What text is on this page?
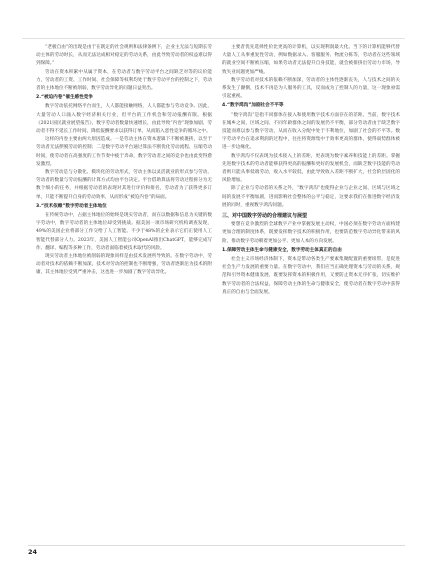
“老板自由”的出现是由于在既定的社会规则和法律条例下，企业主无法与短期长劳动主体的劳动时长，从而无法达成相对稳定的劳动关系，由此导致劳动者的权益难以得到保障。”

劳动在资本积累中从属于资本，在劳动者与数字劳动平台之间缺乏对等的议价能力，劳动者的工资、工作时间、社会保障等权利均处于数字劳动平台的控制之下，劳动者的主体地位不断被削弱，数字劳动异化的问题日益突出。

2.“被迫内卷”催生感性竞争

数字劳动依托网络平台而生，人人都能接触网络，人人都能参与劳动竞争。因此，大量劳动人口涌入数字经济相关行业，但平台的工作机会和劳动报酬有限。根据《2021国民就业展望报告》，数字劳动者数量快速增长，由此导致“内卷”现象加剧，劳动者不得不延长工作时间、降低报酬要求以获得订单，从而陷入恶性竞争的循环之中。

这样的内卷主要由两大原因造成。一是劳动主体在资本逻辑下不断被裹挟，以至于劳动者无法摆脱劳动的控制；二是数字劳动平台通过算法不断优化劳动流程、压缩劳动时间，使劳动者在高强度的工作节奏中疲于奔命，数字劳动者之间的竞争也由此变得愈发激烈。

数字劳动是与分散化、模块化的劳动形式，劳动主体以灵活就业的形式参与劳动，劳动者的数量与劳动报酬的计算方式均由平台决定。平台借助算法将劳动过程拆分为无数个细小的任务，并根据劳动者的表现对其进行评价和排名，劳动者为了获得更多订单，只能不断提升自身的劳动效率，从而形成“被迫内卷”的局面。

3.“技术依赖”数字劳动者主体地位

在传统劳动中，占据主体地位的始终是现实劳动者，而在以数据和信息为关键的数字劳动中，数字劳动者的主体地位却受到挑战。据美国一项市场研究机构调查发现，49%的美国企业将部分工作交给了人工智能。不少于48%的企业表示它们正使用人工智能代替部分人力。2023年，美国人工智能公司OpenAI推出ChatGPT，能够完成写作、翻译、编程等多种工作，劳动者面临着被技术取代的风险。

现实劳动者主体地位被削弱的现象同样是由技术发展所导致的。在数字劳动中，劳动者对技术的依赖不断加深，技术对劳动的控制也不断增强，劳动者逐渐沦为技术的附庸，其主体地位受到严重冲击，这也进一步加剧了数字劳动异化。

主要者优先选择性价比更高的计算机，以实现利润最大化。当下的计算机能够代替大量人工从事重复性劳动，例如数据录入、客服服务、物流分拣等，劳动者在这些领域的就业空间不断被压缩，如果劳动者无法提升自身技能，就会被排挤出劳动力市场，导致失业问题更加严峻。

数字劳动者对技术的依赖不断加深，劳动者的主体性逐渐丧失，人与技术之间的关系发生了颠倒，技术不再是为人服务的工具，反而成为了控制人的力量，这一现象亟需引起重视。

4.“数字鸿沟”加剧社会不平等

“数字鸿沟”是指不同群体在接入和使用数字技术方面存在的差距。当前，数字技术在城乡之间、区域之间、不同年龄群体之间的发展仍不平衡，部分劳动者由于缺乏数字技能而难以参与数字劳动，从而在收入分配中处于不利地位，加剧了社会的不平等。数字劳动平台在追求利润的过程中，往往将资源集中于效率更高的群体，使得弱势群体被进一步边缘化。

数字鸿沟不仅表现为技术接入上的差距，更表现为数字素养和技能上的差距。掌握先进数字技术的劳动者能够获得更高的报酬和更好的发展机会，而缺乏数字技能的劳动者则只能从事低端劳动，收入水平较低，由此导致收入差距不断扩大，社会阶层固化的风险增加。

除了企业与劳动者的关系之外，“数字鸿沟”也使得企业与企业之间、区域与区域之间的发展不平衡加剧，进而影响社会整体的公平与稳定，这要求我们在推进数字经济发展的同时，重视数字鸿沟问题。

三、对中国数字劳动的合理建议与展望

要想在竞争激烈的全球数字产业中掌握发展主动权，中国必须在数字劳动方面构建更加合理的制度体系，既要发挥数字技术的积极作用，也要防范数字劳动异化带来的风险，推动数字劳动朝着更加公平、更加人本的方向发展。

1.保障劳动主体生命与健康安全，数字劳动主体真正的自由

社会主义市场经济体制下，资本是带动各类生产要素集聚配置的重要纽带，是促进社会生产力发展的重要力量。在数字劳动中，我们应当正确处理资本与劳动的关系，规范和引导资本健康发展，既要发挥资本的积极作用，又要防止资本无序扩张，切实维护数字劳动者的合法权益，保障劳动主体的生命与健康安全，使劳动者在数字劳动中获得真正的自由与全面发展。

24
